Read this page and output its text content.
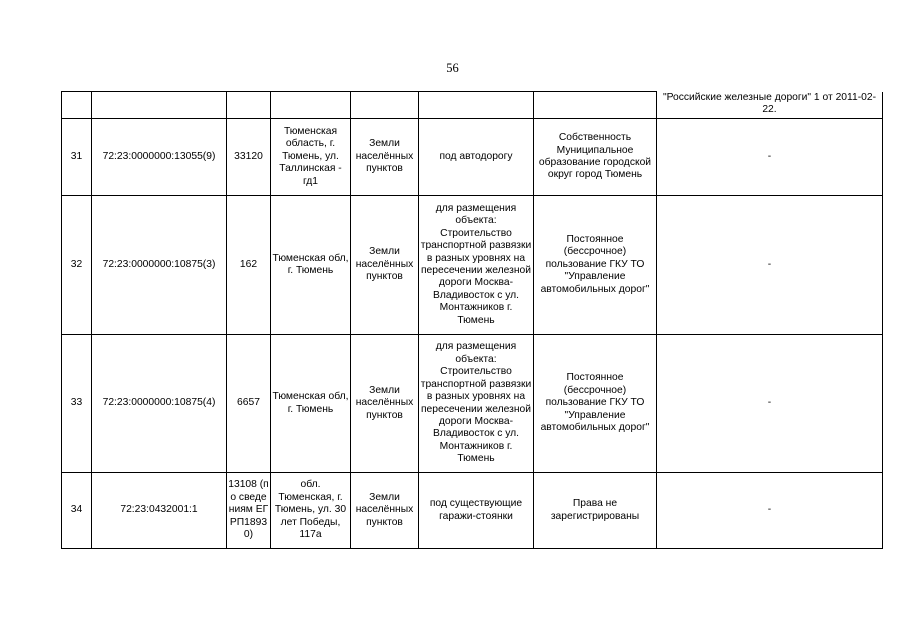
56
							"Российские железные дороги" 1 от 2011-02-22.
31	72:23:0000000:13055(9)	33120	Тюменская область, г. Тюмень, ул. Таллинская - гд1	Земли населённых пунктов	под автодорогу	Собственность Муниципальное образование городской округ город Тюмень	-
32	72:23:0000000:10875(3)	162	Тюменская обл, г. Тюмень	Земли населённых пунктов	для размещения объекта: Строительство транспортной развязки в разных уровнях на пересечении железной дороги Москва-Владивосток с ул. Монтажников г. Тюмень	Постоянное (бессрочное) пользование ГКУ ТО "Управление автомобильных дорог"	-
33	72:23:0000000:10875(4)	6657	Тюменская обл, г. Тюмень	Земли населённых пунктов	для размещения объекта: Строительство транспортной развязки в разных уровнях на пересечении железной дороги Москва-Владивосток с ул. Монтажников г. Тюмень	Постоянное (бессрочное) пользование ГКУ ТО "Управление автомобильных дорог"	-
34	72:23:0432001:1	13108 (по сведениям ЕГРП18930)	обл. Тюменская, г. Тюмень, ул. 30 лет Победы, 117а	Земли населённых пунктов	под существующие гаражи-стоянки	Права не зарегистрированы	-
